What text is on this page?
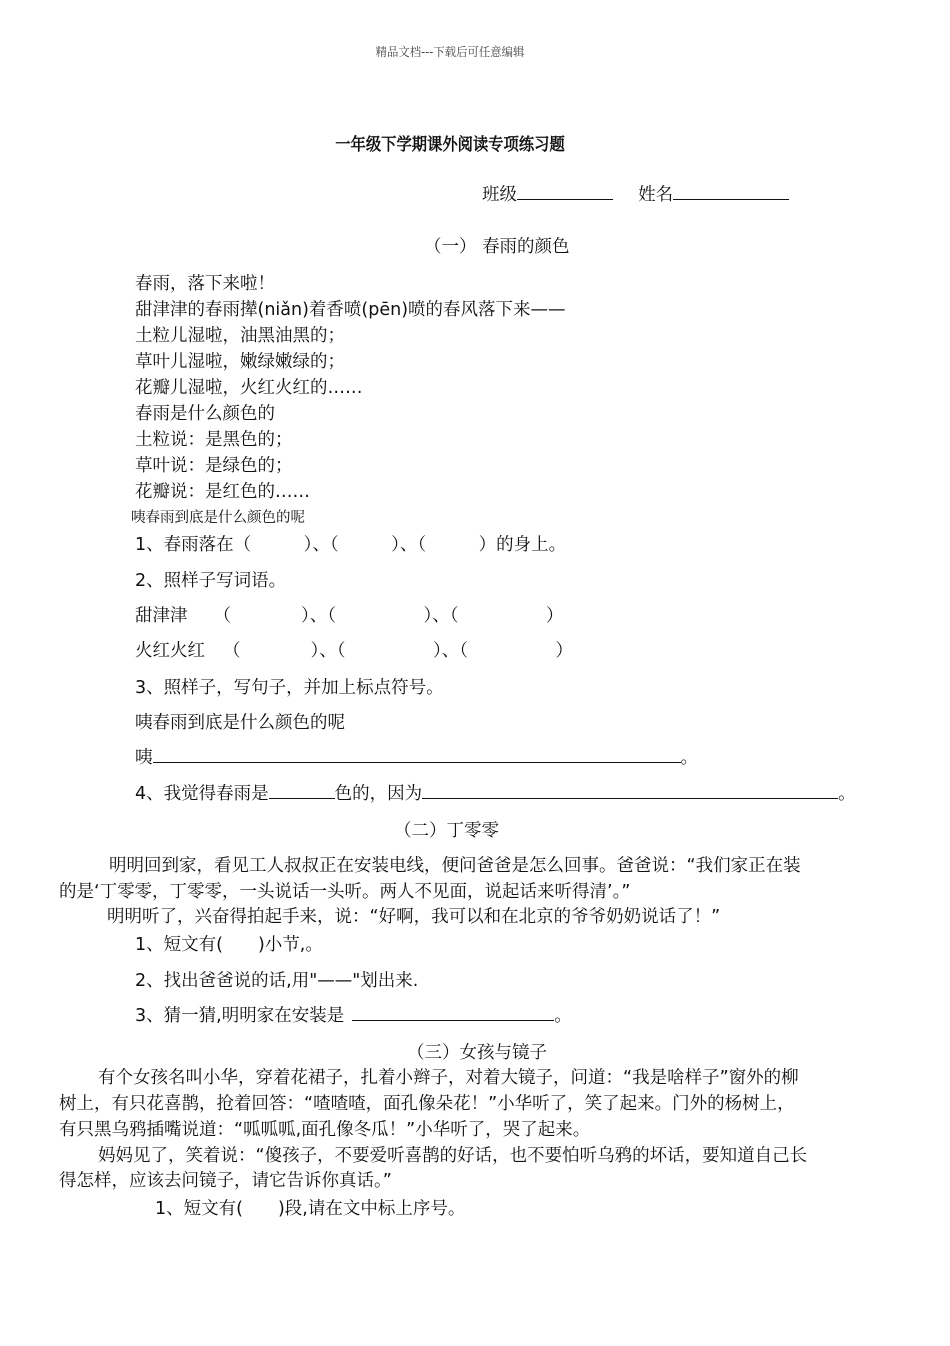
精品文档---下载后可任意编辑
一年级下学期课外阅读专项练习题
班级	姓名
（一） 春雨的颜色
春雨，落下来啦！
甜津津的春雨撵(niǎn)着香喷(pēn)喷的春风落下来——
土粒儿湿啦，油黑油黑的；
草叶儿湿啦，嫩绿嫩绿的；
花瓣儿湿啦，火红火红的……
春雨是什么颜色的
土粒说：是黑色的；
草叶说：是绿色的；
花瓣说：是红色的……
咦春雨到底是什么颜色的呢
1、春雨落在（　　　）、（　　　）、（　　　）的身上。
2、照样子写词语。
甜津津 （　　　　）、（　　　　　）、（　　　　　）
火红火红 （　　　　）、（　　　　　）、（　　　　　）
3、照样子，写句子，并加上标点符号。
咦春雨到底是什么颜色的呢
咦	。
4、我觉得春雨是	色的，因为	。
（二）丁零零
明明回到家，看见工人叔叔正在安装电线，便问爸爸是怎么回事。爸爸说：“我们家正在装
的是‘丁零零，丁零零，一头说话一头听。两人不见面，说起话来听得清’。”
明明听了，兴奋得拍起手来，说：“好啊，我可以和在北京的爷爷奶奶说话了！”
1、短文有(　　)小节,。
2、找出爸爸说的话,用"——"划出来.
3、猜一猜,明明家在安装是	。
（三）女孩与镜子
有个女孩名叫小华，穿着花裙子，扎着小辫子，对着大镜子，问道：“我是啥样子”窗外的柳
树上，有只花喜鹊，抢着回答：“喳喳喳，面孔像朵花！”小华听了，笑了起来。门外的杨树上，
有只黑乌鸦插嘴说道：“呱呱呱,面孔像冬瓜！”小华听了，哭了起来。
妈妈见了，笑着说：“傻孩子，不要爱听喜鹊的好话，也不要怕听乌鸦的坏话，要知道自己长
得怎样，应该去问镜子，请它告诉你真话。”
1、短文有(　　)段,请在文中标上序号。
